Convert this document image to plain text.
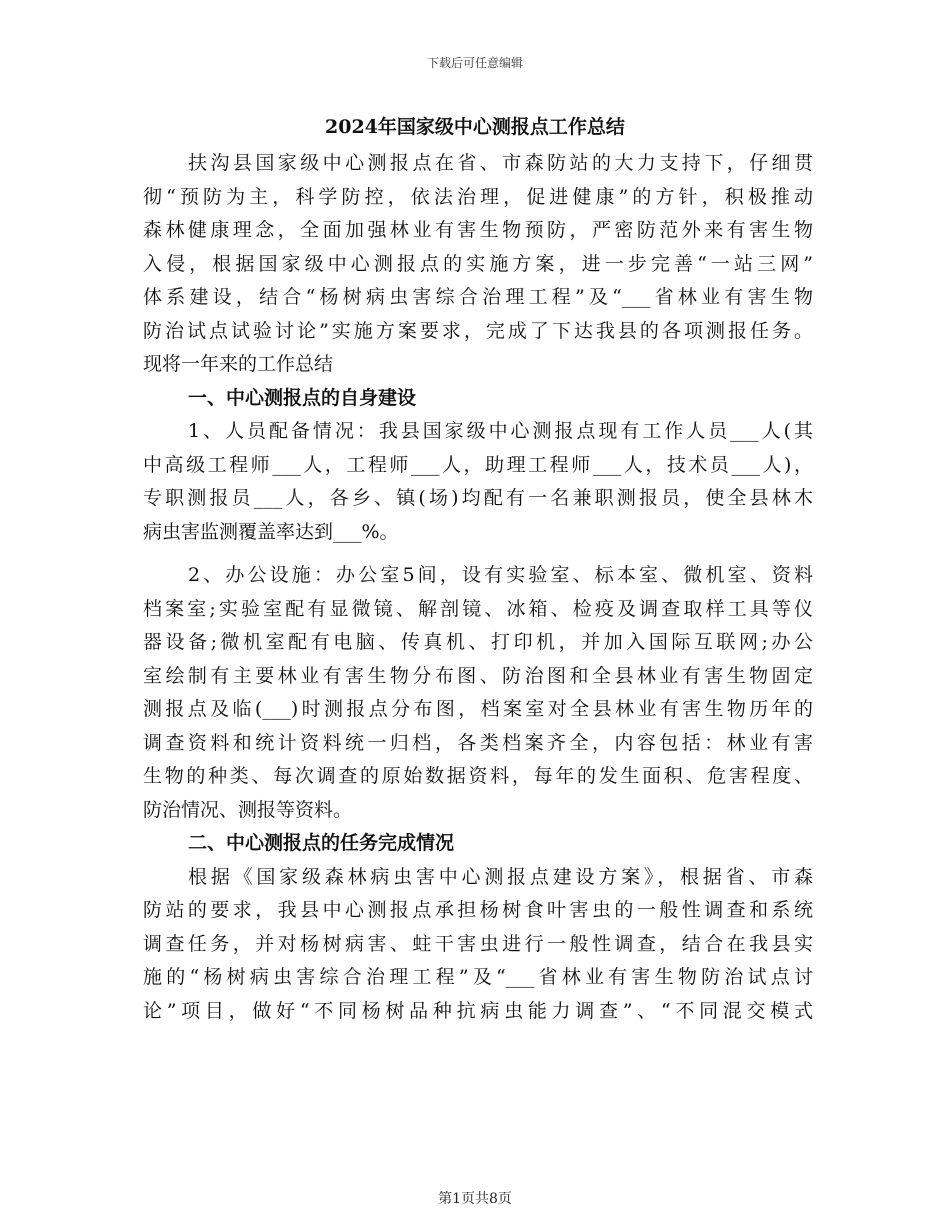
下载后可任意编辑
2024年国家级中心测报点工作总结
扶沟县国家级中心测报点在省、市森防站的大力支持下，仔细贯
彻“预防为主，科学防控，依法治理，促进健康”的方针，积极推动
森林健康理念，全面加强林业有害生物预防，严密防范外来有害生物
入侵，根据国家级中心测报点的实施方案，进一步完善“一站三网”
体系建设，结合“杨树病虫害综合治理工程”及“___省林业有害生物
防治试点试验讨论”实施方案要求，完成了下达我县的各项测报任务。
现将一年来的工作总结
一、中心测报点的自身建设
1、人员配备情况：我县国家级中心测报点现有工作人员___人(其
中高级工程师___人，工程师___人，助理工程师___人，技术员___人)，
专职测报员___人，各乡、镇(场)均配有一名兼职测报员，使全县林木
病虫害监测覆盖率达到___%。
2、办公设施：办公室5间，设有实验室、标本室、微机室、资料
档案室;实验室配有显微镜、解剖镜、冰箱、检疫及调查取样工具等仪
器设备;微机室配有电脑、传真机、打印机，并加入国际互联网;办公
室绘制有主要林业有害生物分布图、防治图和全县林业有害生物固定
测报点及临(___)时测报点分布图，档案室对全县林业有害生物历年的
调查资料和统计资料统一归档，各类档案齐全，内容包括：林业有害
生物的种类、每次调查的原始数据资料，每年的发生面积、危害程度、
防治情况、测报等资料。
二、中心测报点的任务完成情况
根据《国家级森林病虫害中心测报点建设方案》，根据省、市森
防站的要求，我县中心测报点承担杨树食叶害虫的一般性调查和系统
调查任务，并对杨树病害、蛀干害虫进行一般性调查，结合在我县实
施的“杨树病虫害综合治理工程”及“___省林业有害生物防治试点讨
论”项目，做好“不同杨树品种抗病虫能力调查”、“不同混交模式
第1页共8页
